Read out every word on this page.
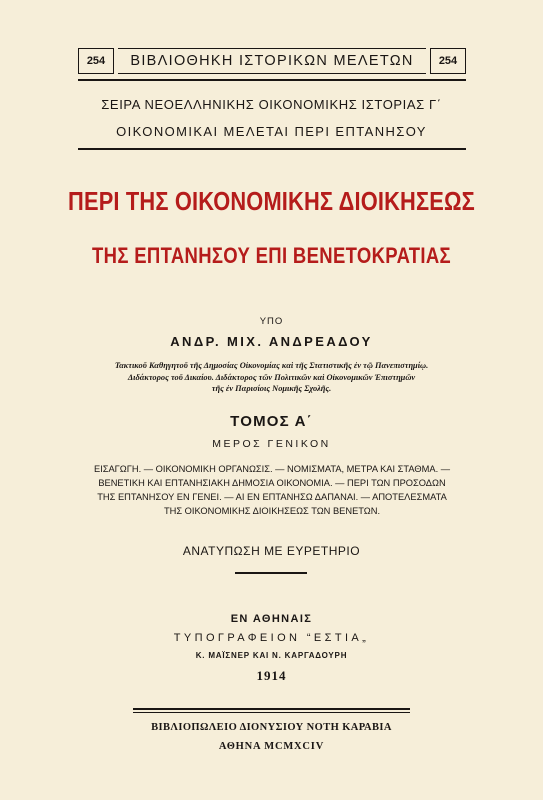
254	ΒΙΒΛΙΟΘΗΚΗ ΙΣΤΟΡΙΚΩΝ ΜΕΛΕΤΩΝ	254
ΣΕΙΡΑ ΝΕΟΕΛΛΗΝΙΚΗΣ ΟΙΚΟΝΟΜΙΚΗΣ ΙΣΤΟΡΙΑΣ Γ΄
ΟΙΚΟΝΟΜΙΚΑΙ ΜΕΛΕΤΑΙ ΠΕΡΙ ΕΠΤΑΝΗΣΟΥ
ΠΕΡΙ ΤΗΣ ΟΙΚΟΝΟΜΙΚΗΣ ΔΙΟΙΚΗΣΕΩΣ
ΤΗΣ ΕΠΤΑΝΗΣΟΥ ΕΠΙ ΒΕΝΕΤΟΚΡΑΤΙΑΣ
ΥΠΟ
ΑΝΔΡ. ΜΙΧ. ΑΝΔΡΕΑΔΟΥ
Τακτικοῦ Καθηγητοῦ τῆς Δημοσίας Οἰκονομίας καὶ τῆς Στατιστικῆς ἐν τῷ Πανεπιστημίῳ.
Διδάκτορος τοῦ Δικαίου. Διδάκτορος τῶν Πολιτικῶν καὶ Οἰκονομικῶν Ἐπιστημῶν
τῆς ἐν Παρισίοις Νομικῆς Σχολῆς.
ΤΟΜΟΣ Α΄
ΜΕΡΟΣ ΓΕΝΙΚΟΝ
ΕΙΣΑΓΩΓΗ. — ΟΙΚΟΝΟΜΙΚΗ ΟΡΓΑΝΩΣΙΣ. — ΝΟΜΙΣΜΑΤΑ, ΜΕΤΡΑ ΚΑΙ ΣΤΑΘΜΑ. —
ΒΕΝΕΤΙΚΗ ΚΑΙ ΕΠΤΑΝΗΣΙΑΚΗ ΔΗΜΟΣΙΑ ΟΙΚΟΝΟΜΙΑ. — ΠΕΡΙ ΤΩΝ ΠΡΟΣΟΔΩΝ
ΤΗΣ ΕΠΤΑΝΗΣΟΥ ΕΝ ΓΕΝΕΙ. — ΑΙ ΕΝ ΕΠΤΑΝΗΣΩ ΔΑΠΑΝΑΙ. — ΑΠΟΤΕΛΕΣΜΑΤΑ
ΤΗΣ ΟΙΚΟΝΟΜΙΚΗΣ ΔΙΟΙΚΗΣΕΩΣ ΤΩΝ ΒΕΝΕΤΩΝ.
ΑΝΑΤΥΠΩΣΗ ΜΕ ΕΥΡΕΤΗΡΙΟ
ΕΝ ΑΘΗΝΑΙΣ
ΤΥΠΟΓΡΑΦΕΙΟΝ “ΕΣΤΙΑ„
Κ. ΜΑΪΣΝΕΡ ΚΑΙ Ν. ΚΑΡΓΑΔΟΥΡΗ
1914
ΒΙΒΛΙΟΠΩΛΕΙΟ ΔΙΟΝΥΣΙΟΥ ΝΟΤΗ ΚΑΡΑΒΙΑ
ΑΘΗΝΑ MCMXCIV
